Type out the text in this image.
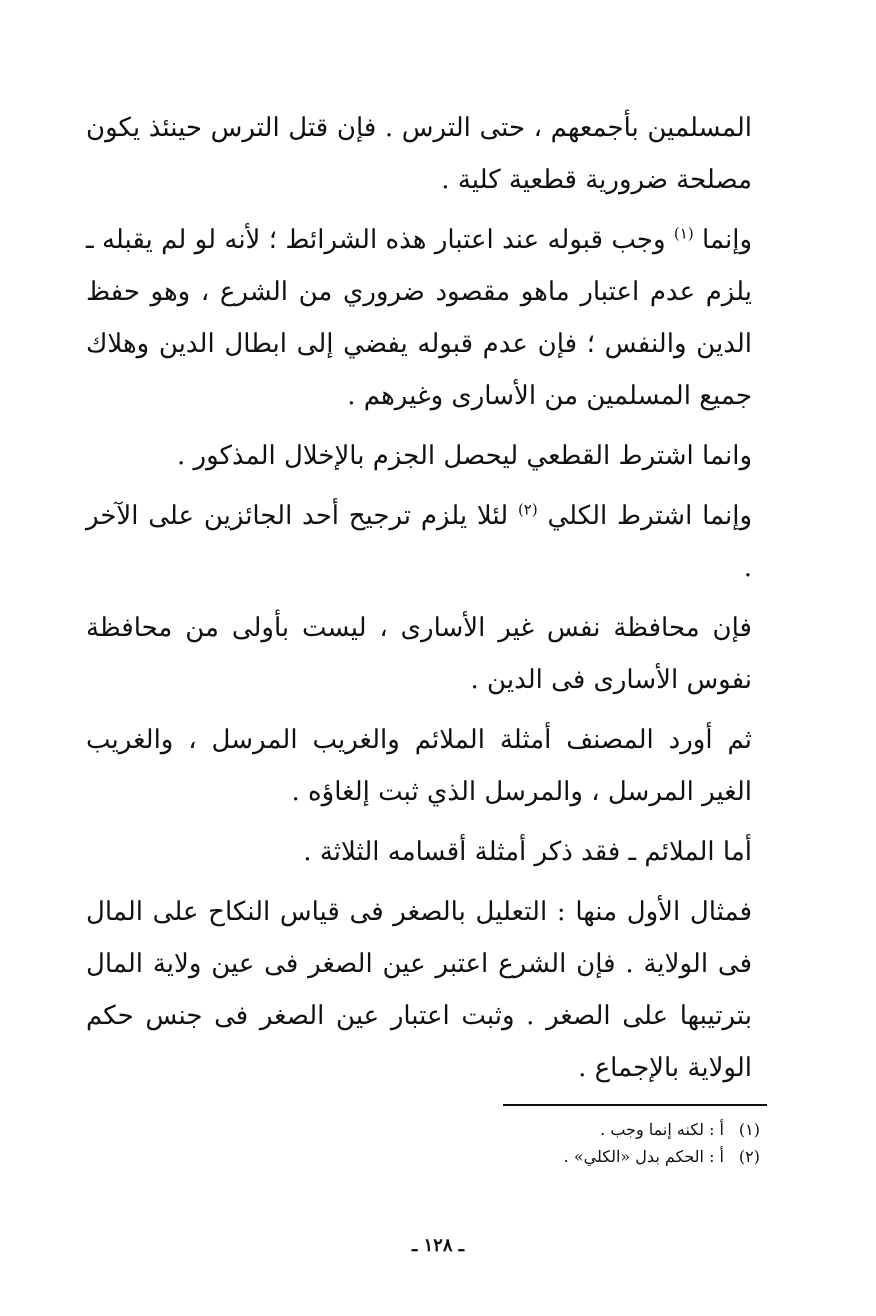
المسلمين بأجمعهم ، حتى الترس . فإن قتل الترس حينئذ يكون مصلحة ضرورية قطعية كلية .

وإنما $^{(١)}$ وجب قبوله عند اعتبار هذه الشرائط ؛ لأنه لو لم يقبله ـ يلزم عدم اعتبار ماهو مقصود ضروري من الشرع ، وهو حفظ الدين والنفس ؛ فإن عدم قبوله يفضي إلى ابطال الدين وهلاك جميع المسلمين من الأسارى وغيرهم .

وانما اشترط القطعي ليحصل الجزم بالإخلال المذكور .

وإنما اشترط الكلي $^{(٢)}$ لئلا يلزم ترجيح أحد الجائزين على الآخر .

فإن محافظة نفس غير الأسارى ، ليست بأولى من محافظة نفوس الأسارى فى الدين .

ثم أورد المصنف أمثلة الملائم والغريب المرسل ، والغريب الغير المرسل ، والمرسل الذي ثبت إلغاؤه .

أما الملائم ـ فقد ذكر أمثلة أقسامه الثلاثة .

فمثال الأول منها : التعليل بالصغر فى قياس النكاح على المال فى الولاية . فإن الشرع اعتبر عين الصغر فى عين ولاية المال بترتيبها على الصغر . وثبت اعتبار عين الصغر فى جنس حكم الولاية بالإجماع .

(١)
أ : لكنه إنما وجب .
(٢)
أ : الحكم بدل «الكلي» .
ـ ١٢٨ ـ
